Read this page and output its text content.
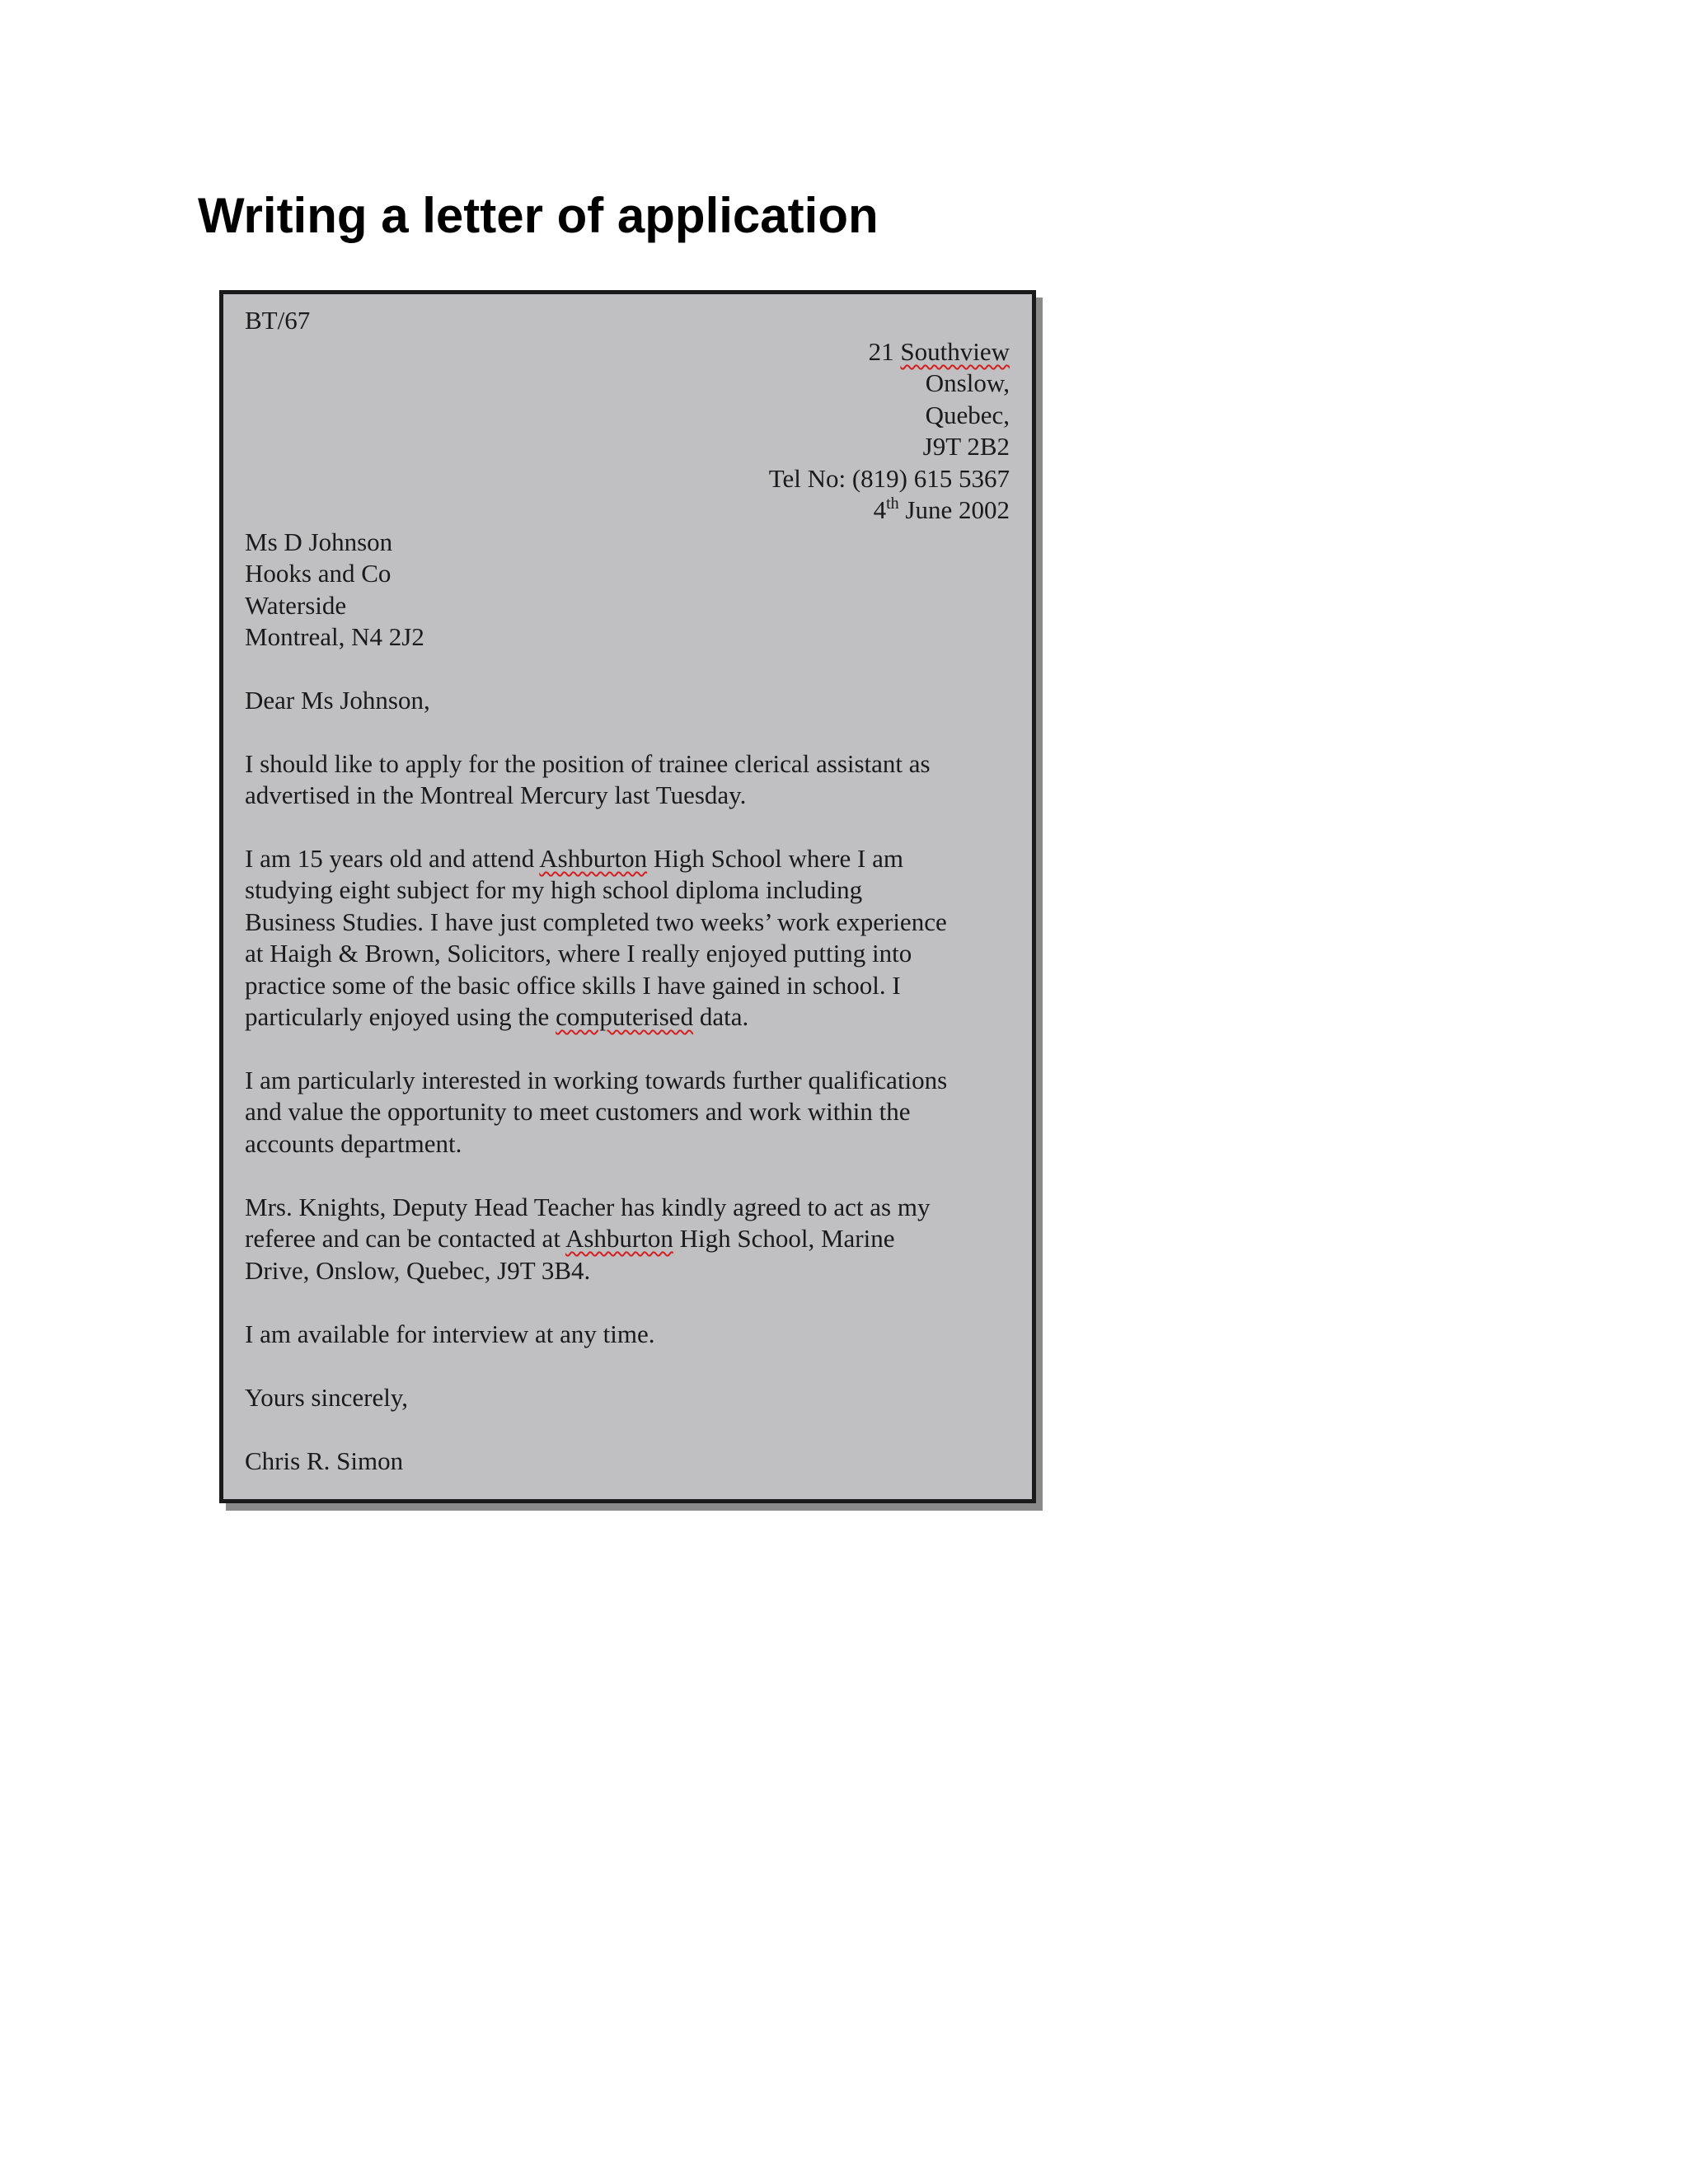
Writing a letter of application
BT/67
21 Southview
Onslow,
Quebec,
J9T 2B2
Tel No: (819) 615 5367
4th June 2002
Ms D Johnson
Hooks and Co
Waterside
Montreal, N4 2J2
Dear Ms Johnson,
I should like to apply for the position of trainee clerical assistant as
advertised in the Montreal Mercury last Tuesday.
I am 15 years old and attend Ashburton High School where I am
studying eight subject for my high school diploma including
Business Studies. I have just completed two weeks’ work experience
at Haigh & Brown, Solicitors, where I really enjoyed putting into
practice some of the basic office skills I have gained in school. I
particularly enjoyed using the computerised data.
I am particularly interested in working towards further qualifications
and value the opportunity to meet customers and work within the
accounts department.
Mrs. Knights, Deputy Head Teacher has kindly agreed to act as my
referee and can be contacted at Ashburton High School, Marine
Drive, Onslow, Quebec, J9T 3B4.
I am available for interview at any time.
Yours sincerely,
Chris R. Simon
